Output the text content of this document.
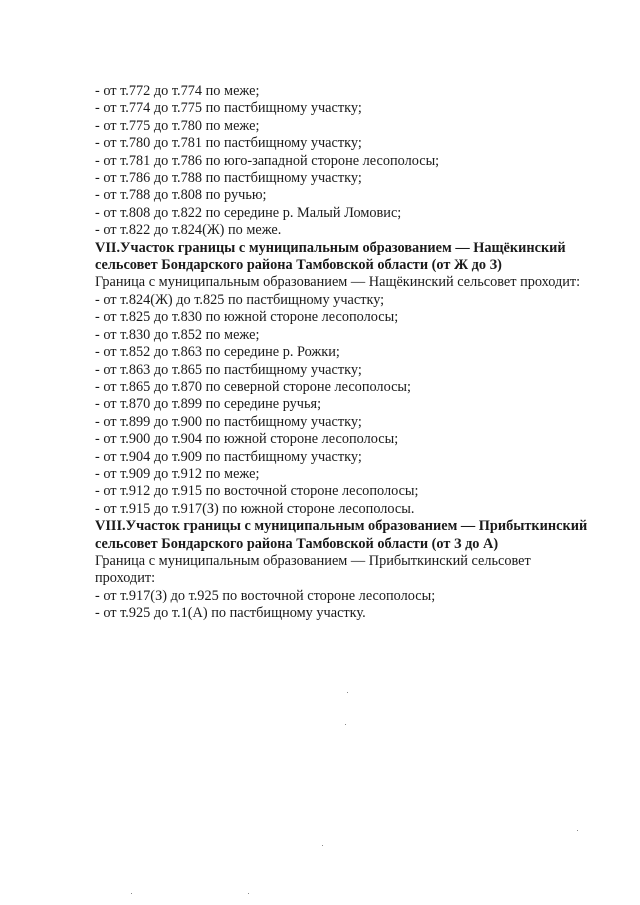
- от т.772 до т.774 по меже;
- от т.774 до т.775 по пастбищному участку;
- от т.775 до т.780 по меже;
- от т.780 до т.781 по пастбищному участку;
- от т.781 до т.786 по юго-западной стороне лесополосы;
- от т.786 до т.788 по пастбищному участку;
- от т.788 до т.808 по ручью;
- от т.808 до т.822 по середине р. Малый Ломовис;
- от т.822 до т.824(Ж) по меже.
VII.Участок границы с муниципальным образованием — Нащёкинский сельсовет Бондарского района Тамбовской области (от Ж до З)
Граница с муниципальным образованием — Нащёкинский сельсовет проходит:
- от т.824(Ж) до т.825 по пастбищному участку;
- от т.825 до т.830 по южной стороне лесополосы;
- от т.830 до т.852 по меже;
- от т.852 до т.863 по середине р. Рожки;
- от т.863 до т.865 по пастбищному участку;
- от т.865 до т.870 по северной стороне лесополосы;
- от т.870 до т.899 по середине ручья;
- от т.899 до т.900 по пастбищному участку;
- от т.900 до т.904 по южной стороне лесополосы;
- от т.904 до т.909 по пастбищному участку;
- от т.909 до т.912 по меже;
- от т.912 до т.915 по восточной стороне лесополосы;
- от т.915 до т.917(З) по южной стороне лесополосы.
VIII.Участок границы с муниципальным образованием — Прибыткинский сельсовет Бондарского района Тамбовской области (от З до А)
Граница с муниципальным образованием — Прибыткинский сельсовет проходит:
- от т.917(З) до т.925 по восточной стороне лесополосы;
- от т.925 до т.1(А) по пастбищному участку.
